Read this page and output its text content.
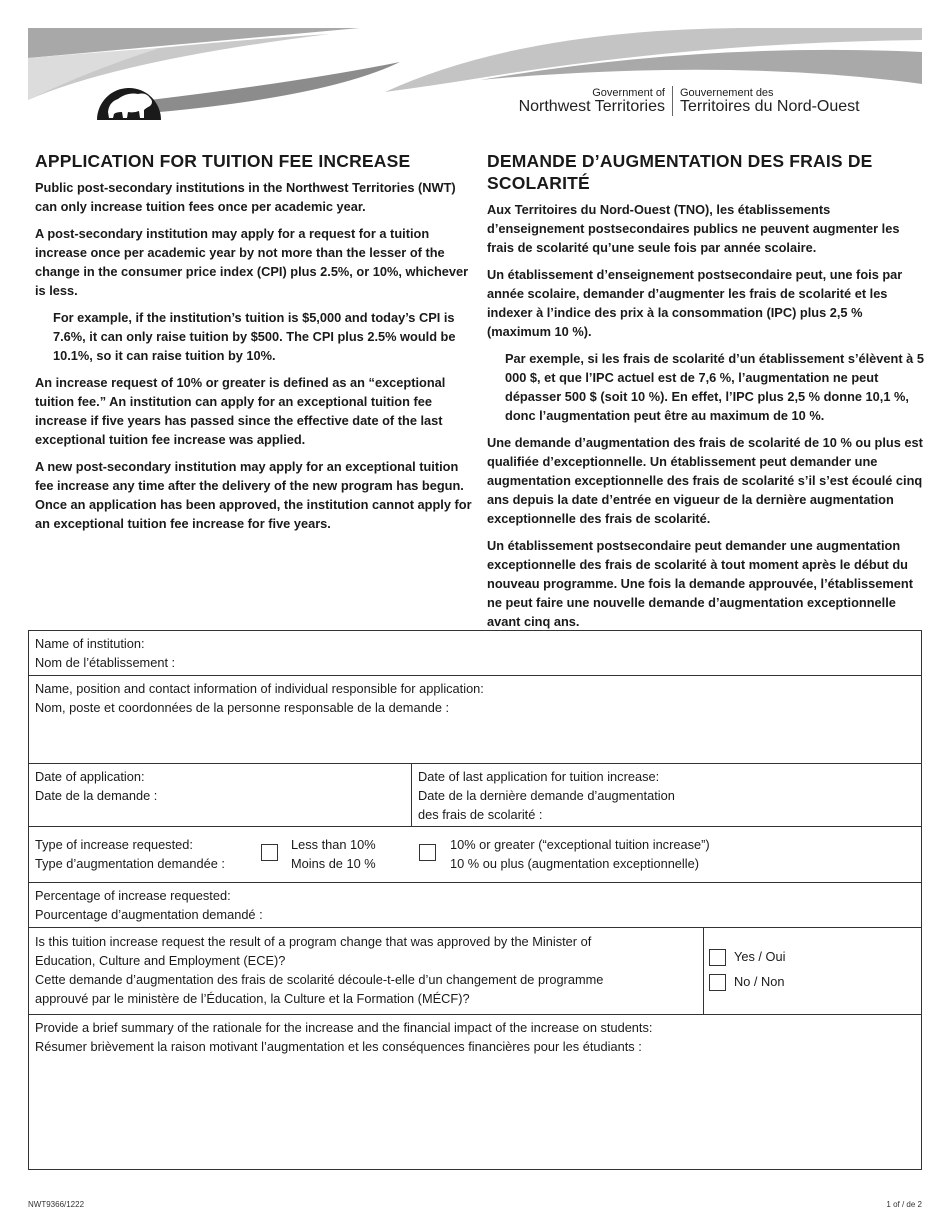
Government of
Northwest Territories
Gouvernement des
Territoires du Nord-Ouest
APPLICATION FOR TUITION FEE INCREASE

Public post-secondary institutions in the Northwest Territories (NWT) can only increase tuition fees once per academic year.

A post-secondary institution may apply for a request for a tuition increase once per academic year by not more than the lesser of the change in the consumer price index (CPI) plus 2.5%, or 10%, whichever is less.

For example, if the institution’s tuition is $5,000 and today’s CPI is 7.6%, it can only raise tuition by $500. The CPI plus 2.5% would be 10.1%, so it can raise tuition by 10%.

An increase request of 10% or greater is defined as an “exceptional tuition fee.” An institution can apply for an exceptional tuition fee increase if five years has passed since the effective date of the last exceptional tuition fee increase was applied.

A new post-secondary institution may apply for an exceptional tuition fee increase any time after the delivery of the new program has begun. Once an application has been approved, the institution cannot apply for an exceptional tuition fee increase for five years.

DEMANDE D’AUGMENTATION DES FRAIS DE SCOLARITÉ

Aux Territoires du Nord-Ouest (TNO), les établissements d’enseignement postsecondaires publics ne peuvent augmenter les frais de scolarité qu’une seule fois par année scolaire.

Un établissement d’enseignement postsecondaire peut, une fois par année scolaire, demander d’augmenter les frais de scolarité et les indexer à l’indice des prix à la consommation (IPC) plus 2,5 % (maximum 10 %).

Par exemple, si les frais de scolarité d’un établissement s’élèvent à 5 000 $, et que l’IPC actuel est de 7,6 %, l’augmentation ne peut dépasser 500 $ (soit 10 %). En effet, l’IPC plus 2,5 % donne 10,1 %, donc l’augmentation peut être au maximum de 10 %.

Une demande d’augmentation des frais de scolarité de 10 % ou plus est qualifiée d’exceptionnelle. Un établissement peut demander une augmentation exceptionnelle des frais de scolarité s’il s’est écoulé cinq ans depuis la date d’entrée en vigueur de la dernière augmentation exceptionnelle des frais de scolarité.

Un établissement postsecondaire peut demander une augmentation exceptionnelle des frais de scolarité à tout moment après le début du nouveau programme. Une fois la demande approuvée, l’établissement ne peut faire une nouvelle demande d’augmentation exceptionnelle avant cinq ans.

Name of institution:
Nom de l’établissement :
Name, position and contact information of individual responsible for application:
Nom, poste et coordonnées de la personne responsable de la demande :
Date of application:
Date de la demande :
Date of last application for tuition increase:
Date de la dernière demande d’augmentation
des frais de scolarité :
Type of increase requested:
Type d’augmentation demandée :
Less than 10%
Moins de 10 %
10% or greater (“exceptional tuition increase”)
10 % ou plus (augmentation exceptionnelle)
Percentage of increase requested:
Pourcentage d’augmentation demandé :
Is this tuition increase request the result of a program change that was approved by the Minister of
Education, Culture and Employment (ECE)?
Cette demande d’augmentation des frais de scolarité découle-t-elle d’un changement de programme
approuvé par le ministère de l’Éducation, la Culture et la Formation (MÉCF)?
Yes / Oui
No / Non
Provide a brief summary of the rationale for the increase and the financial impact of the increase on students:
Résumer brièvement la raison motivant l’augmentation et les conséquences financières pour les étudiants :
NWT9366/1222	1 of / de 2
